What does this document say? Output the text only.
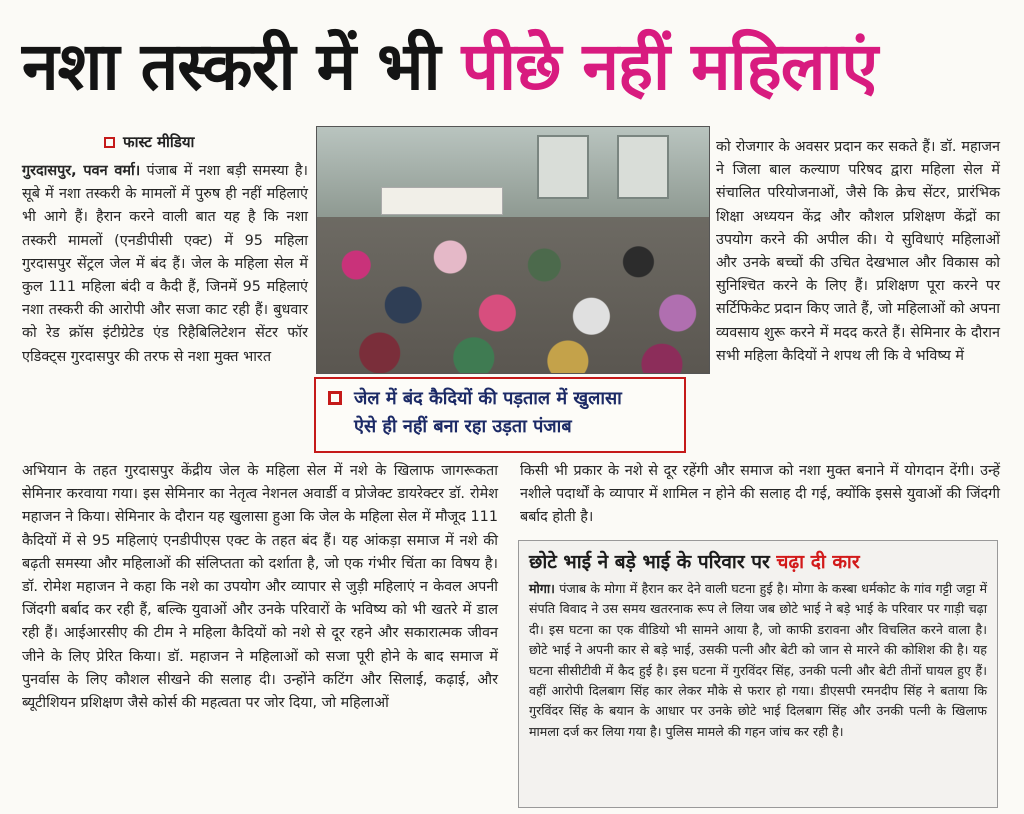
नशा तस्करी में भी पीछे नहीं महिलाएं
फास्ट मीडिया

गुरदासपुर, पवन वर्मा। पंजाब में नशा बड़ी समस्या है। सूबे में नशा तस्करी के मामलों में पुरुष ही नहीं महिलाएं भी आगे हैं। हैरान करने वाली बात यह है कि नशा तस्करी मामलों (एनडीपीसी एक्ट) में 95 महिला गुरदासपुर सेंट्रल जेल में बंद हैं। जेल के महिला सेल में कुल 111 महिला बंदी व कैदी हैं, जिनमें 95 महिलाएं नशा तस्करी की आरोपी और सजा काट रही हैं। बुधवार को रेड क्रॉस इंटीग्रेटेड एंड रिहैबिलिटेशन सेंटर फॉर एडिक्ट्स गुरदासपुर की तरफ से नशा मुक्त भारत

जेल में बंद कैदियों की पड़ताल में खुलासा
ऐसे ही नहीं बना रहा उड़ता पंजाब

को रोजगार के अवसर प्रदान कर सकते हैं। डॉ. महाजन ने जिला बाल कल्याण परिषद द्वारा महिला सेल में संचालित परियोजनाओं, जैसे कि क्रेच सेंटर, प्रारंभिक शिक्षा अध्ययन केंद्र और कौशल प्रशिक्षण केंद्रों का उपयोग करने की अपील की। ये सुविधाएं महिलाओं और उनके बच्चों की उचित देखभाल और विकास को सुनिश्चित करने के लिए हैं। प्रशिक्षण पूरा करने पर सर्टिफिकेट प्रदान किए जाते हैं, जो महिलाओं को अपना व्यवसाय शुरू करने में मदद करते हैं। सेमिनार के दौरान सभी महिला कैदियों ने शपथ ली कि वे भविष्य में

अभियान के तहत गुरदासपुर केंद्रीय जेल के महिला सेल में नशे के खिलाफ जागरूकता सेमिनार करवाया गया। इस सेमिनार का नेतृत्व नेशनल अवार्डी व प्रोजेक्ट डायरेक्टर डॉ. रोमेश महाजन ने किया। सेमिनार के दौरान यह खुलासा हुआ कि जेल के महिला सेल में मौजूद 111 कैदियों में से 95 महिलाएं एनडीपीएस एक्ट के तहत बंद हैं। यह आंकड़ा समाज में नशे की बढ़ती समस्या और महिलाओं की संलिप्तता को दर्शाता है, जो एक गंभीर चिंता का विषय है। डॉ. रोमेश महाजन ने कहा कि नशे का उपयोग और व्यापार से जुड़ी महिलाएं न केवल अपनी जिंदगी बर्बाद कर रही हैं, बल्कि युवाओं और उनके परिवारों के भविष्य को भी खतरे में डाल रही हैं। आईआरसीए की टीम ने महिला कैदियों को नशे से दूर रहने और सकारात्मक जीवन जीने के लिए प्रेरित किया। डॉ. महाजन ने महिलाओं को सजा पूरी होने के बाद समाज में पुनर्वास के लिए कौशल सीखने की सलाह दी। उन्होंने कटिंग और सिलाई, कढ़ाई, और ब्यूटीशियन प्रशिक्षण जैसे कोर्स की महत्वता पर जोर दिया, जो महिलाओं

किसी भी प्रकार के नशे से दूर रहेंगी और समाज को नशा मुक्त बनाने में योगदान देंगी। उन्हें नशीले पदार्थों के व्यापार में शामिल न होने की सलाह दी गई, क्योंकि इससे युवाओं की जिंदगी बर्बाद होती है।

छोटे भाई ने बड़े भाई के परिवार पर चढ़ा दी कार
मोगा। पंजाब के मोगा में हैरान कर देने वाली घटना हुई है। मोगा के कस्बा धर्मकोट के गांव गट्टी जट्टा में संपति विवाद ने उस समय खतरनाक रूप ले लिया जब छोटे भाई ने बड़े भाई के परिवार पर गाड़ी चढ़ा दी। इस घटना का एक वीडियो भी सामने आया है, जो काफी डरावना और विचलित करने वाला है। छोटे भाई ने अपनी कार से बड़े भाई, उसकी पत्नी और बेटी को जान से मारने की कोशिश की है। यह घटना सीसीटीवी में कैद हुई है। इस घटना में गुरविंदर सिंह, उनकी पत्नी और बेटी तीनों घायल हुए हैं। वहीं आरोपी दिलबाग सिंह कार लेकर मौके से फरार हो गया। डीएसपी रमनदीप सिंह ने बताया कि गुरविंदर सिंह के बयान के आधार पर उनके छोटे भाई दिलबाग सिंह और उनकी पत्नी के खिलाफ मामला दर्ज कर लिया गया है। पुलिस मामले की गहन जांच कर रही है।
